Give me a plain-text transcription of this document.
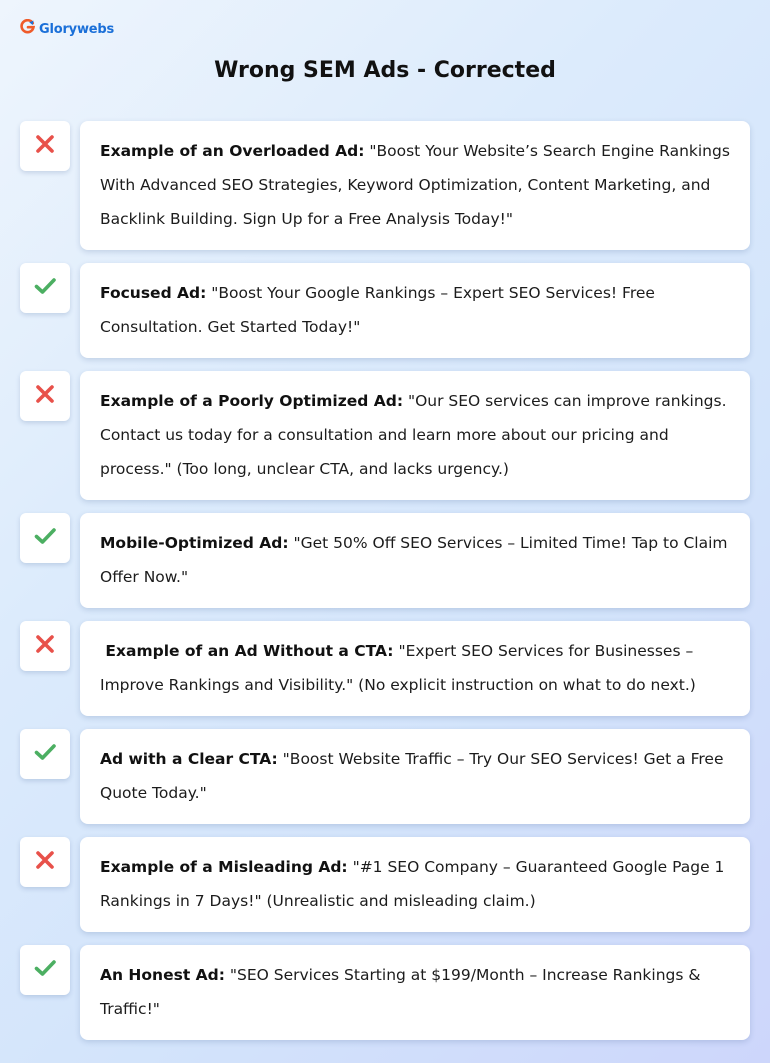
Glorywebs
Wrong SEM Ads - Corrected

Example of an Overloaded Ad: "Boost Your Website’s Search Engine Rankings With Advanced SEO Strategies, Keyword Optimization, Content Marketing, and Backlink Building. Sign Up for a Free Analysis Today!"

Focused Ad: "Boost Your Google Rankings – Expert SEO Services! Free Consultation. Get Started Today!"

Example of a Poorly Optimized Ad: "Our SEO services can improve rankings. Contact us today for a consultation and learn more about our pricing and process." (Too long, unclear CTA, and lacks urgency.)

Mobile-Optimized Ad: "Get 50% Off SEO Services – Limited Time! Tap to Claim Offer Now."

Example of an Ad Without a CTA: "Expert SEO Services for Businesses – Improve Rankings and Visibility." (No explicit instruction on what to do next.)

Ad with a Clear CTA: "Boost Website Traffic – Try Our SEO Services! Get a Free Quote Today."

Example of a Misleading Ad: "#1 SEO Company – Guaranteed Google Page 1 Rankings in 7 Days!" (Unrealistic and misleading claim.)

An Honest Ad: "SEO Services Starting at $199/Month – Increase Rankings & Traffic!"
